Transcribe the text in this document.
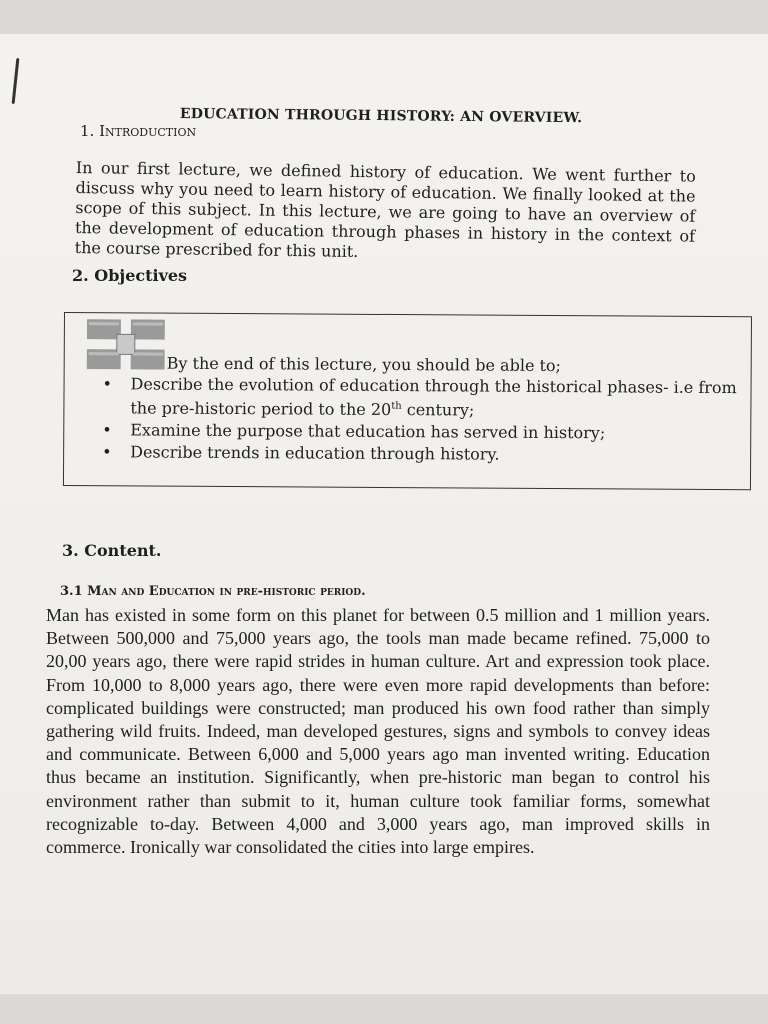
EDUCATION THROUGH HISTORY: AN OVERVIEW.
1. Introduction
In our first lecture, we defined history of education. We went further to discuss why you need to learn history of education. We finally looked at the scope of this subject. In this lecture, we are going to have an overview of the development of education through phases in history in the context of the course prescribed for this unit.
2. Objectives
By the end of this lecture, you should be able to;
• Describe the evolution of education through the historical phases- i.e from the pre-historic period to the 20th century;
• Examine the purpose that education has served in history;
• Describe trends in education through history.
3. Content.
3.1 Man and Education in pre-historic period.
Man has existed in some form on this planet for between 0.5 million and 1 million years. Between 500,000 and 75,000 years ago, the tools man made became refined. 75,000 to 20,00 years ago, there were rapid strides in human culture. Art and expression took place. From 10,000 to 8,000 years ago, there were even more rapid developments than before: complicated buildings were constructed; man produced his own food rather than simply gathering wild fruits. Indeed, man developed gestures, signs and symbols to convey ideas and communicate. Between 6,000 and 5,000 years ago man invented writing. Education thus became an institution. Significantly, when pre-historic man began to control his environment rather than submit to it, human culture took familiar forms, somewhat recognizable to-day. Between 4,000 and 3,000 years ago, man improved skills in commerce. Ironically war consolidated the cities into large empires.
